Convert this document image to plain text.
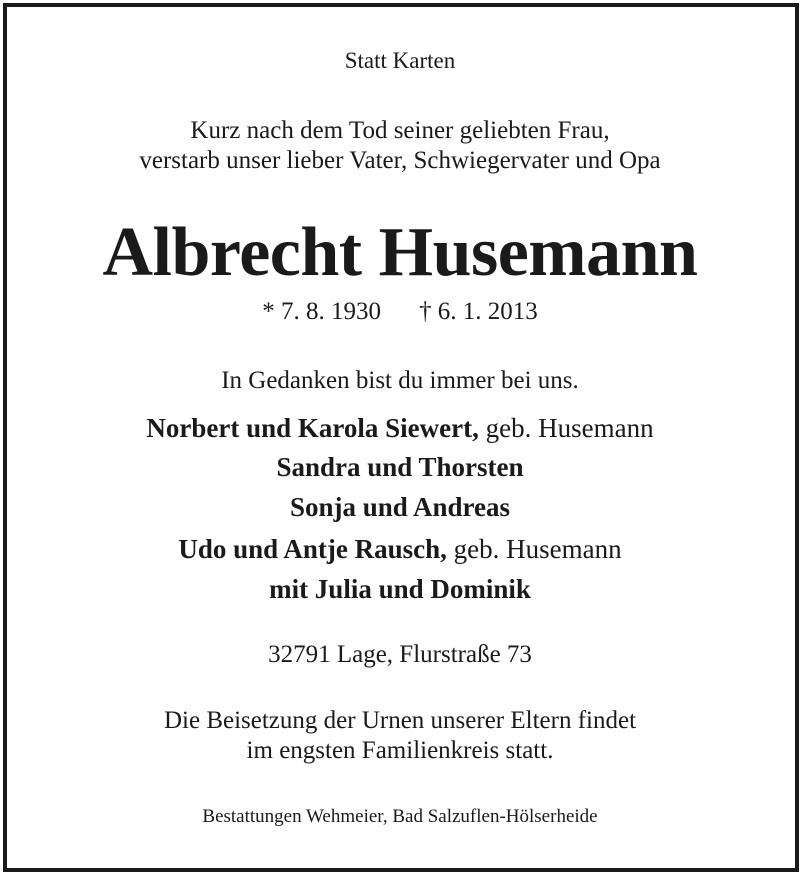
Statt Karten
Kurz nach dem Tod seiner geliebten Frau,
verstarb unser lieber Vater, Schwiegervater und Opa
Albrecht Husemann
* 7. 8. 1930 † 6. 1. 2013
In Gedanken bist du immer bei uns.
Norbert und Karola Siewert, geb. Husemann
Sandra und Thorsten
Sonja und Andreas
Udo und Antje Rausch, geb. Husemann
mit Julia und Dominik
32791 Lage, Flurstraße 73
Die Beisetzung der Urnen unserer Eltern findet
im engsten Familienkreis statt.
Bestattungen Wehmeier, Bad Salzuflen-Hölserheide
